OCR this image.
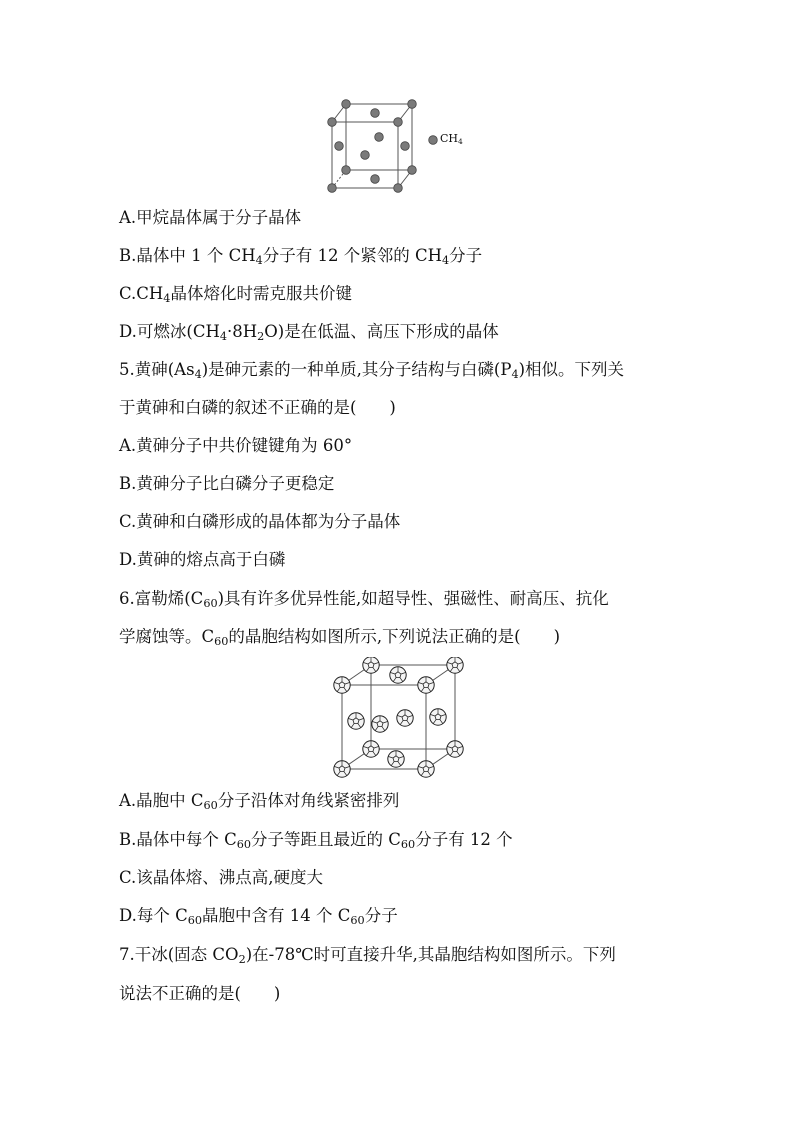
$CH_4$
A.甲烷晶体属于分子晶体
B.晶体中 1 个 $CH_4$分子有 12 个紧邻的 $CH_4$分子
$C.CH_4$晶体熔化时需克服共价键
D.可燃冰$(CH_4\cdot 8H_2O)$是在低温、高压下形成的晶体
5.黄砷$(As_4)$是砷元素的一种单质,其分子结构与白磷$(P_4)$相似。下列关
于黄砷和白磷的叙述不正确的是(　　)
A.黄砷分子中共价键键角为 60°
B.黄砷分子比白磷分子更稳定
C.黄砷和白磷形成的晶体都为分子晶体
D.黄砷的熔点高于白磷
6.富勒烯$(C_{60})$具有许多优异性能,如超导性、强磁性、耐高压、抗化
学腐蚀等。$C_{60}$的晶胞结构如图所示,下列说法正确的是(　　)
A.晶胞中 $C_{60}$分子沿体对角线紧密排列
B.晶体中每个 $C_{60}$分子等距且最近的 $C_{60}$分子有 12 个
C.该晶体熔、沸点高,硬度大
D.每个 $C_{60}$晶胞中含有 14 个 $C_{60}$分子
7.干冰(固态 $CO_2$)在-78℃时可直接升华,其晶胞结构如图所示。下列
说法不正确的是(　　)
